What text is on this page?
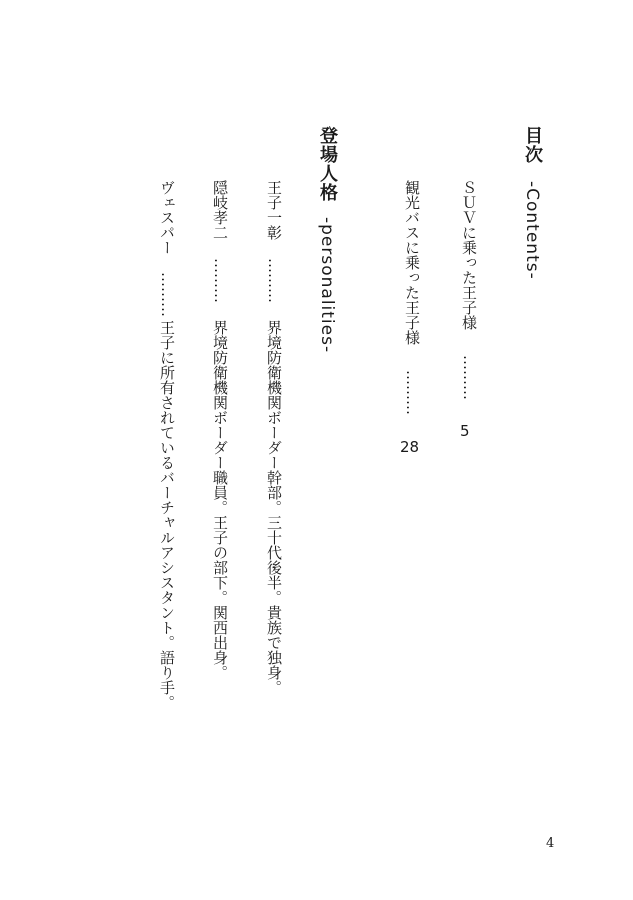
目次 -Contents-
ＳＵＶに乗った王子様
………
5
観光バスに乗った王子様
………
28
登場人格 -personalities-
王子一彰
………
界境防衛機関ボーダー幹部。三十代後半。貴族で独身。
隠岐孝二
………
界境防衛機関ボーダー職員。王子の部下。関西出身。
ヴェスパー
………
王子に所有されているバーチャルアシスタント。語り手。
4
